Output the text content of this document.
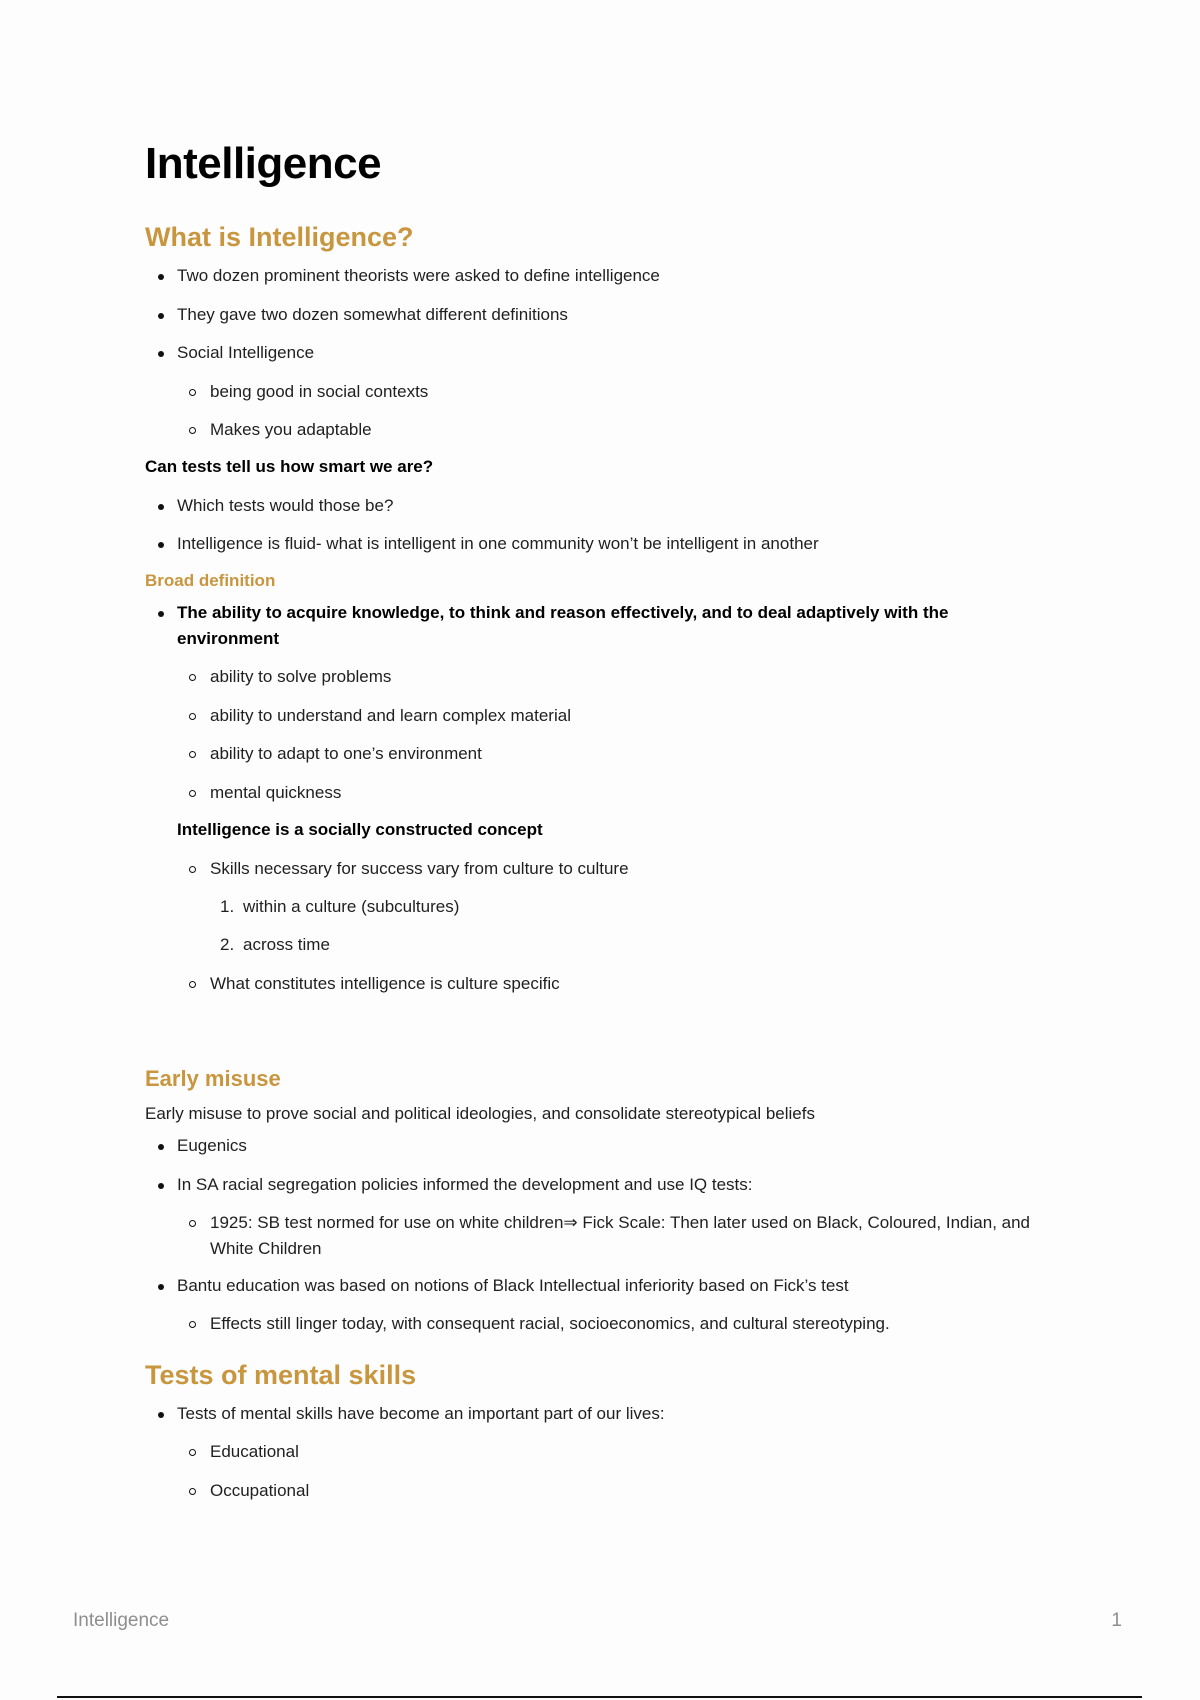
Intelligence
What is Intelligence?
Two dozen prominent theorists were asked to define intelligence
They gave two dozen somewhat different definitions
Social Intelligence
being good in social contexts
Makes you adaptable

Can tests tell us how smart we are?

Which tests would those be?
Intelligence is fluid- what is intelligent in one community won’t be intelligent in another
Broad definition
The ability to acquire knowledge, to think and reason effectively, and to deal adaptively with the environment
ability to solve problems
ability to understand and learn complex material
ability to adapt to one’s environment
mental quickness
Intelligence is a socially constructed concept
Skills necessary for success vary from culture to culture
1. within a culture (subcultures)
2. across time
What constitutes intelligence is culture specific
Early misuse

Early misuse to prove social and political ideologies, and consolidate stereotypical beliefs

Eugenics
In SA racial segregation policies informed the development and use IQ tests:
1925: SB test normed for use on white children⇒ Fick Scale: Then later used on Black, Coloured, Indian, and White Children
Bantu education was based on notions of Black Intellectual inferiority based on Fick’s test
Effects still linger today, with consequent racial, socioeconomics, and cultural stereotyping.
Tests of mental skills
Tests of mental skills have become an important part of our lives:
Educational
Occupational
Intelligence	1
